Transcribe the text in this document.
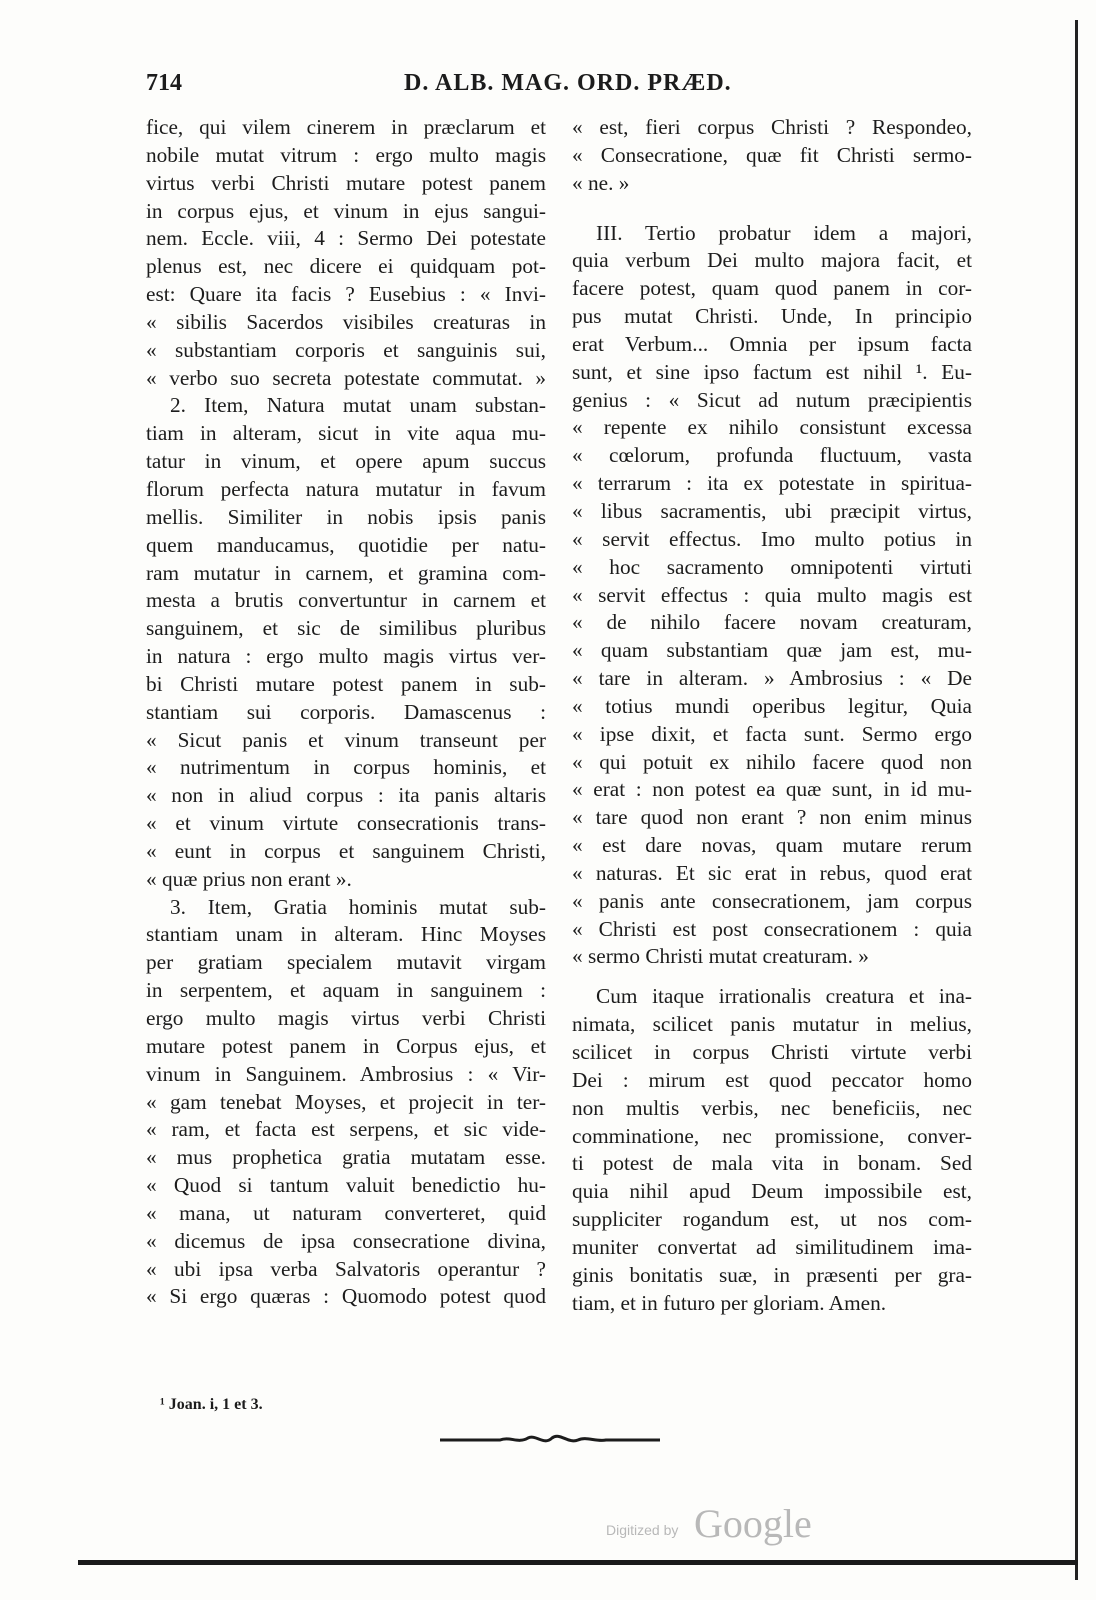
714	D. ALB. MAG. ORD. PRÆD.
fice, qui vilem cinerem in præclarum et
nobile mutat vitrum : ergo multo magis
virtus verbi Christi mutare potest panem
in corpus ejus, et vinum in ejus sangui-
nem. Eccle. viii, 4 : Sermo Dei potestate
plenus est, nec dicere ei quidquam pot-
est: Quare ita facis ? Eusebius : « Invi-
« sibilis Sacerdos visibiles creaturas in
« substantiam corporis et sanguinis sui,
« verbo suo secreta potestate commutat. »
2. Item, Natura mutat unam substan-
tiam in alteram, sicut in vite aqua mu-
tatur in vinum, et opere apum succus
florum perfecta natura mutatur in favum
mellis. Similiter in nobis ipsis panis
quem manducamus, quotidie per natu-
ram mutatur in carnem, et gramina com-
mesta a brutis convertuntur in carnem et
sanguinem, et sic de similibus pluribus
in natura : ergo multo magis virtus ver-
bi Christi mutare potest panem in sub-
stantiam sui corporis. Damascenus :
« Sicut panis et vinum transeunt per
« nutrimentum in corpus hominis, et
« non in aliud corpus : ita panis altaris
« et vinum virtute consecrationis trans-
« eunt in corpus et sanguinem Christi,
« quæ prius non erant ».
3. Item, Gratia hominis mutat sub-
stantiam unam in alteram. Hinc Moyses
per gratiam specialem mutavit virgam
in serpentem, et aquam in sanguinem :
ergo multo magis virtus verbi Christi
mutare potest panem in Corpus ejus, et
vinum in Sanguinem. Ambrosius : « Vir-
« gam tenebat Moyses, et projecit in ter-
« ram, et facta est serpens, et sic vide-
« mus prophetica gratia mutatam esse.
« Quod si tantum valuit benedictio hu-
« mana, ut naturam converteret, quid
« dicemus de ipsa consecratione divina,
« ubi ipsa verba Salvatoris operantur ?
« Si ergo quæras : Quomodo potest quod
« est, fieri corpus Christi ? Respondeo,
« Consecratione, quæ fit Christi sermo-
« ne. »
III. Tertio probatur idem a majori,
quia verbum Dei multo majora facit, et
facere potest, quam quod panem in cor-
pus mutat Christi. Unde, In principio
erat Verbum... Omnia per ipsum facta
sunt, et sine ipso factum est nihil ¹. Eu-
genius : « Sicut ad nutum præcipientis
« repente ex nihilo consistunt excessa
« cœlorum, profunda fluctuum, vasta
« terrarum : ita ex potestate in spiritua-
« libus sacramentis, ubi præcipit virtus,
« servit effectus. Imo multo potius in
« hoc sacramento omnipotenti virtuti
« servit effectus : quia multo magis est
« de nihilo facere novam creaturam,
« quam substantiam quæ jam est, mu-
« tare in alteram. » Ambrosius : « De
« totius mundi operibus legitur, Quia
« ipse dixit, et facta sunt. Sermo ergo
« qui potuit ex nihilo facere quod non
« erat : non potest ea quæ sunt, in id mu-
« tare quod non erant ? non enim minus
« est dare novas, quam mutare rerum
« naturas. Et sic erat in rebus, quod erat
« panis ante consecrationem, jam corpus
« Christi est post consecrationem : quia
« sermo Christi mutat creaturam. »
Cum itaque irrationalis creatura et ina-
nimata, scilicet panis mutatur in melius,
scilicet in corpus Christi virtute verbi
Dei : mirum est quod peccator homo
non multis verbis, nec beneficiis, nec
comminatione, nec promissione, conver-
ti potest de mala vita in bonam. Sed
quia nihil apud Deum impossibile est,
suppliciter rogandum est, ut nos com-
muniter convertat ad similitudinem ima-
ginis bonitatis suæ, in præsenti per gra-
tiam, et in futuro per gloriam. Amen.
¹ Joan. i, 1 et 3.
Digitized by Google
